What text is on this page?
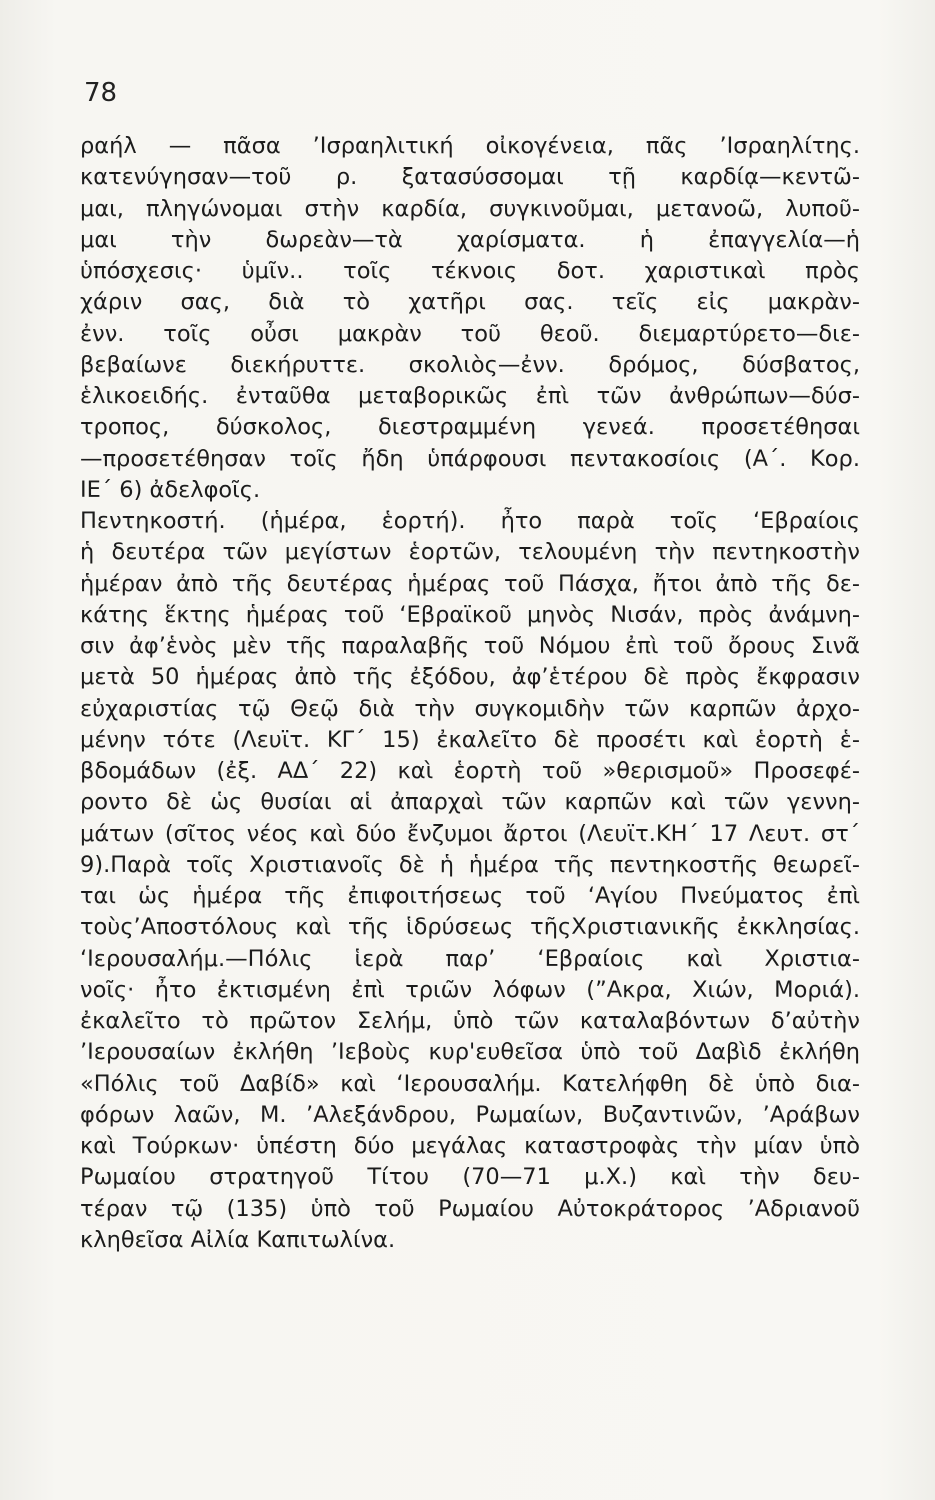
78
ραήλ — πᾶσα ’Ισραηλιτική οἰκογένεια, πᾶς ’Ισραηλίτης.
κατενύγησαν—τοῦ ρ. ξατασύσσομαι τῇ καρδίᾳ—κεντῶ-
μαι, πληγώνομαι στὴν καρδία, συγκινοῦμαι, μετανοῶ, λυποῦ-
μαι τὴν δωρεὰν—τὰ χαρίσματα. ἡ ἐπαγγελία—ἡ
ὑπόσχεσις· ὑμῖν.. τοῖς τέκνοις δοτ. χαριστικαὶ πρὸς
χάριν σας, διὰ τὸ χατῆρι σας. τεῖς εἰς μακρὰν-
ἐνν. τοῖς οὖσι μακρὰν τοῦ θεοῦ. διεμαρτύρετο—διε-
βεβαίωνε διεκήρυττε. σκολιὸς—ἐνν. δρόμος, δύσβατος,
ἑλικοειδής. ἐνταῦθα μεταβορικῶς ἐπὶ τῶν ἀνθρώπων—δύσ-
τροπος, δύσκολος, διεστραμμένη γενεά. προσετέθησαι
—προσετέθησαν τοῖς ἤδη ὑπάρφουσι πεντακοσίοις (Α΄. Κορ.
ΙΕ΄ 6) ἀδελφοῖς.
Πεντηκοστή. (ἡμέρα, ἑορτή). ἦτο παρὰ τοῖς ‘Εβραίοις
ἡ δευτέρα τῶν μεγίστων ἑορτῶν, τελουμένη τὴν πεντηκοστὴν
ἡμέραν ἀπὸ τῆς δευτέρας ἡμέρας τοῦ Πάσχα, ἤτοι ἀπὸ τῆς δε-
κάτης ἕκτης ἡμέρας τοῦ ‘Εβραϊκοῦ μηνὸς Νισάν, πρὸς ἀνάμνη-
σιν ἀφ’ἑνὸς μὲν τῆς παραλαβῆς τοῦ Νόμου ἐπὶ τοῦ ὄρους Σινᾶ
μετὰ 50 ἡμέρας ἀπὸ τῆς ἐξόδου, ἀφ’ἑτέρου δὲ πρὸς ἔκφρασιν
εὐχαριστίας τῷ Θεῷ διὰ τὴν συγκομιδὴν τῶν καρπῶν ἀρχο-
μένην τότε (Λευϊτ. ΚΓ΄ 15) ἐκαλεῖτο δὲ προσέτι καὶ ἑορτὴ ἑ-
βδομάδων (ἐξ. ΑΔ΄ 22) καὶ ἑορτὴ τοῦ »θερισμοῦ» Προσεφέ-
ροντο δὲ ὡς θυσίαι αἱ ἀπαρχαὶ τῶν καρπῶν καὶ τῶν γεννη-
μάτων (σῖτος νέος καὶ δύο ἔνζυμοι ἄρτοι (Λευϊτ.ΚΗ΄ 17 Λευτ. στ΄
9).Παρὰ τοῖς Χριστιανοῖς δὲ ἡ ἡμέρα τῆς πεντηκοστῆς θεωρεῖ-
ται ὡς ἡμέρα τῆς ἐπιφοιτήσεως τοῦ ‘Αγίου Πνεύματος ἐπὶ
τοὺς’Αποστόλους καὶ τῆς ἱδρύσεως τῆςΧριστιανικῆς ἐκκλησίας.
‘Ιερουσαλήμ.—Πόλις ἱερὰ παρ’ ‘Εβραίοις καὶ Χριστια-
νοῖς· ἦτο ἐκτισμένη ἐπὶ τριῶν λόφων (”Ακρα, Χιών, Μοριά).
ἐκαλεῖτο τὸ πρῶτον Σελήμ, ὑπὸ τῶν καταλαβόντων δ’αὐτὴν
’Ιερουσαίων ἐκλήθη ’Ιεβοὺς κυρ'ευθεῖσα ὑπὸ τοῦ Δαβὶδ ἐκλήθη
«Πόλις τοῦ Δαβίδ» καὶ ‘Ιερουσαλήμ. Κατελήφθη δὲ ὑπὸ δια-
φόρων λαῶν, Μ. ’Αλεξάνδρου, Ρωμαίων, Βυζαντινῶν, ’Αράβων
καὶ Τούρκων· ὑπέστη δύο μεγάλας καταστροφὰς τὴν μίαν ὑπὸ
Ρωμαίου στρατηγοῦ Τίτου (70—71 μ.Χ.) καὶ τὴν δευ-
τέραν τῷ (135) ὑπὸ τοῦ Ρωμαίου Αὐτοκράτορος ’Αδριανοῦ
κληθεῖσα Αἰλία Καπιτωλίνα.
